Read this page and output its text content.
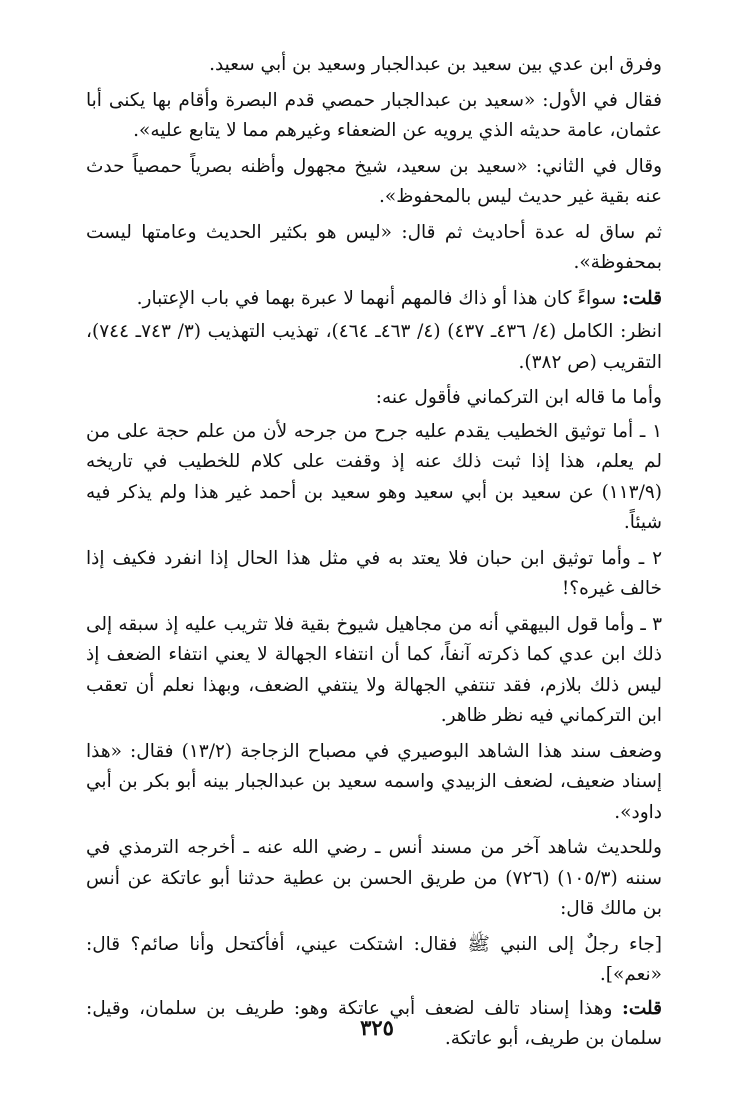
وفرق ابن عدي بين سعيد بن عبدالجبار وسعيد بن أبي سعيد.

فقال في الأول: «سعيد بن عبدالجبار حمصي قدم البصرة وأقام بها يكنى أبا عثمان، عامة حديثه الذي يرويه عن الضعفاء وغيرهم مما لا يتابع عليه».

وقال في الثاني: «سعيد بن سعيد، شيخ مجهول وأظنه بصرياً حمصياً حدث عنه بقية غير حديث ليس بالمحفوظ».

ثم ساق له عدة أحاديث ثم قال: «ليس هو بكثير الحديث وعامتها ليست بمحفوظة».

قلت: سواءً كان هذا أو ذاك فالمهم أنهما لا عبرة بهما في باب الإعتبار.

انظر: الكامل (٤/ ٤٣٦ـ ٤٣٧) (٤/ ٤٦٣ـ ٤٦٤)، تهذيب التهذيب (٣/ ٧٤٣ـ ٧٤٤)، التقريب (ص ٣٨٢).

وأما ما قاله ابن التركماني فأقول عنه:

١ ـ أما توثيق الخطيب يقدم عليه جرح من جرحه لأن من علم حجة على من لم يعلم، هذا إذا ثبت ذلك عنه إذ وقفت على كلام للخطيب في تاريخه (١١٣/٩) عن سعيد بن أبي سعيد وهو سعيد بن أحمد غير هذا ولم يذكر فيه شيئاً.

٢ ـ وأما توثيق ابن حبان فلا يعتد به في مثل هذا الحال إذا انفرد فكيف إذا خالف غيره؟!

٣ ـ وأما قول البيهقي أنه من مجاهيل شيوخ بقية فلا تثريب عليه إذ سبقه إلى ذلك ابن عدي كما ذكرته آنفاً، كما أن انتفاء الجهالة لا يعني انتفاء الضعف إذ ليس ذلك بلازم، فقد تنتفي الجهالة ولا ينتفي الضعف، وبهذا نعلم أن تعقب ابن التركماني فيه نظر ظاهر.

وضعف سند هذا الشاهد البوصيري في مصباح الزجاجة (١٣/٢) فقال: «هذا إسناد ضعيف، لضعف الزبيدي واسمه سعيد بن عبدالجبار بينه أبو بكر بن أبي داود».

وللحديث شاهد آخر من مسند أنس ـ رضي الله عنه ـ أخرجه الترمذي في سننه (١٠٥/٣) (٧٢٦) من طريق الحسن بن عطية حدثنا أبو عاتكة عن أنس بن مالك قال:

[جاء رجلٌ إلى النبي ﷺ فقال: اشتكت عيني، أفأكتحل وأنا صائم؟ قال: «نعم»].

قلت: وهذا إسناد تالف لضعف أبي عاتكة وهو: طريف بن سلمان، وقيل: سلمان بن طريف، أبو عاتكة.

٣٢٥
